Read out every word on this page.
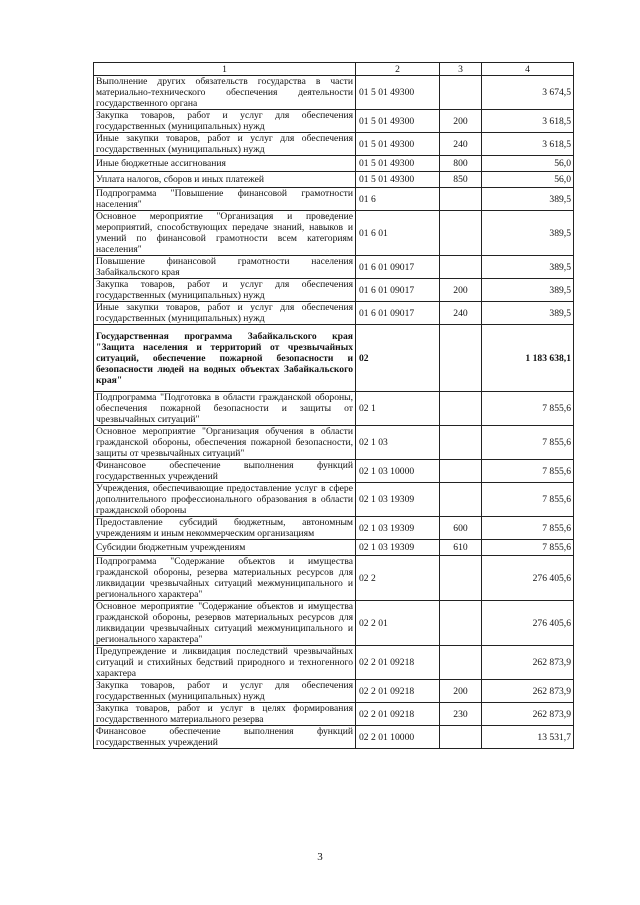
1	2	3	4
Выполнение других обязательств государства в части материально-технического обеспечения деятельности государственного органа	01 5 01 49300		3 674,5
Закупка товаров, работ и услуг для обеспечения государственных (муниципальных) нужд	01 5 01 49300	200	3 618,5
Иные закупки товаров, работ и услуг для обеспечения государственных (муниципальных) нужд	01 5 01 49300	240	3 618,5
Иные бюджетные ассигнования	01 5 01 49300	800	56,0
Уплата налогов, сборов и иных платежей	01 5 01 49300	850	56,0
Подпрограмма "Повышение финансовой грамотности населения"	01 6		389,5
Основное мероприятие "Организация и проведение мероприятий, способствующих передаче знаний, навыков и умений по финансовой грамотности всем категориям населения"	01 6 01		389,5
Повышение финансовой грамотности населения Забайкальского края	01 6 01 09017		389,5
Закупка товаров, работ и услуг для обеспечения государственных (муниципальных) нужд	01 6 01 09017	200	389,5
Иные закупки товаров, работ и услуг для обеспечения государственных (муниципальных) нужд	01 6 01 09017	240	389,5
Государственная программа Забайкальского края "Защита населения и территорий от чрезвычайных ситуаций, обеспечение пожарной безопасности и безопасности людей на водных объектах Забайкальского края"	02		1 183 638,1
Подпрограмма "Подготовка в области гражданской обороны, обеспечения пожарной безопасности и защиты от чрезвычайных ситуаций"	02 1		7 855,6
Основное мероприятие "Организация обучения в области гражданской обороны, обеспечения пожарной безопасности, защиты от чрезвычайных ситуаций"	02 1 03		7 855,6
Финансовое обеспечение выполнения функций государственных учреждений	02 1 03 10000		7 855,6
Учреждения, обеспечивающие предоставление услуг в сфере дополнительного профессионального образования в области гражданской обороны	02 1 03 19309		7 855,6
Предоставление субсидий бюджетным, автономным учреждениям и иным некоммерческим организациям	02 1 03 19309	600	7 855,6
Субсидии бюджетным учреждениям	02 1 03 19309	610	7 855,6
Подпрограмма "Содержание объектов и имущества гражданской обороны, резерва материальных ресурсов для ликвидации чрезвычайных ситуаций межмуниципального и регионального характера"	02 2		276 405,6
Основное мероприятие "Содержание объектов и имущества гражданской обороны, резервов материальных ресурсов для ликвидации чрезвычайных ситуаций межмуниципального и регионального характера"	02 2 01		276 405,6
Предупреждение и ликвидация последствий чрезвычайных ситуаций и стихийных бедствий природного и техногенного характера	02 2 01 09218		262 873,9
Закупка товаров, работ и услуг для обеспечения государственных (муниципальных) нужд	02 2 01 09218	200	262 873,9
Закупка товаров, работ и услуг в целях формирования государственного материального резерва	02 2 01 09218	230	262 873,9
Финансовое обеспечение выполнения функций государственных учреждений	02 2 01 10000		13 531,7
3
